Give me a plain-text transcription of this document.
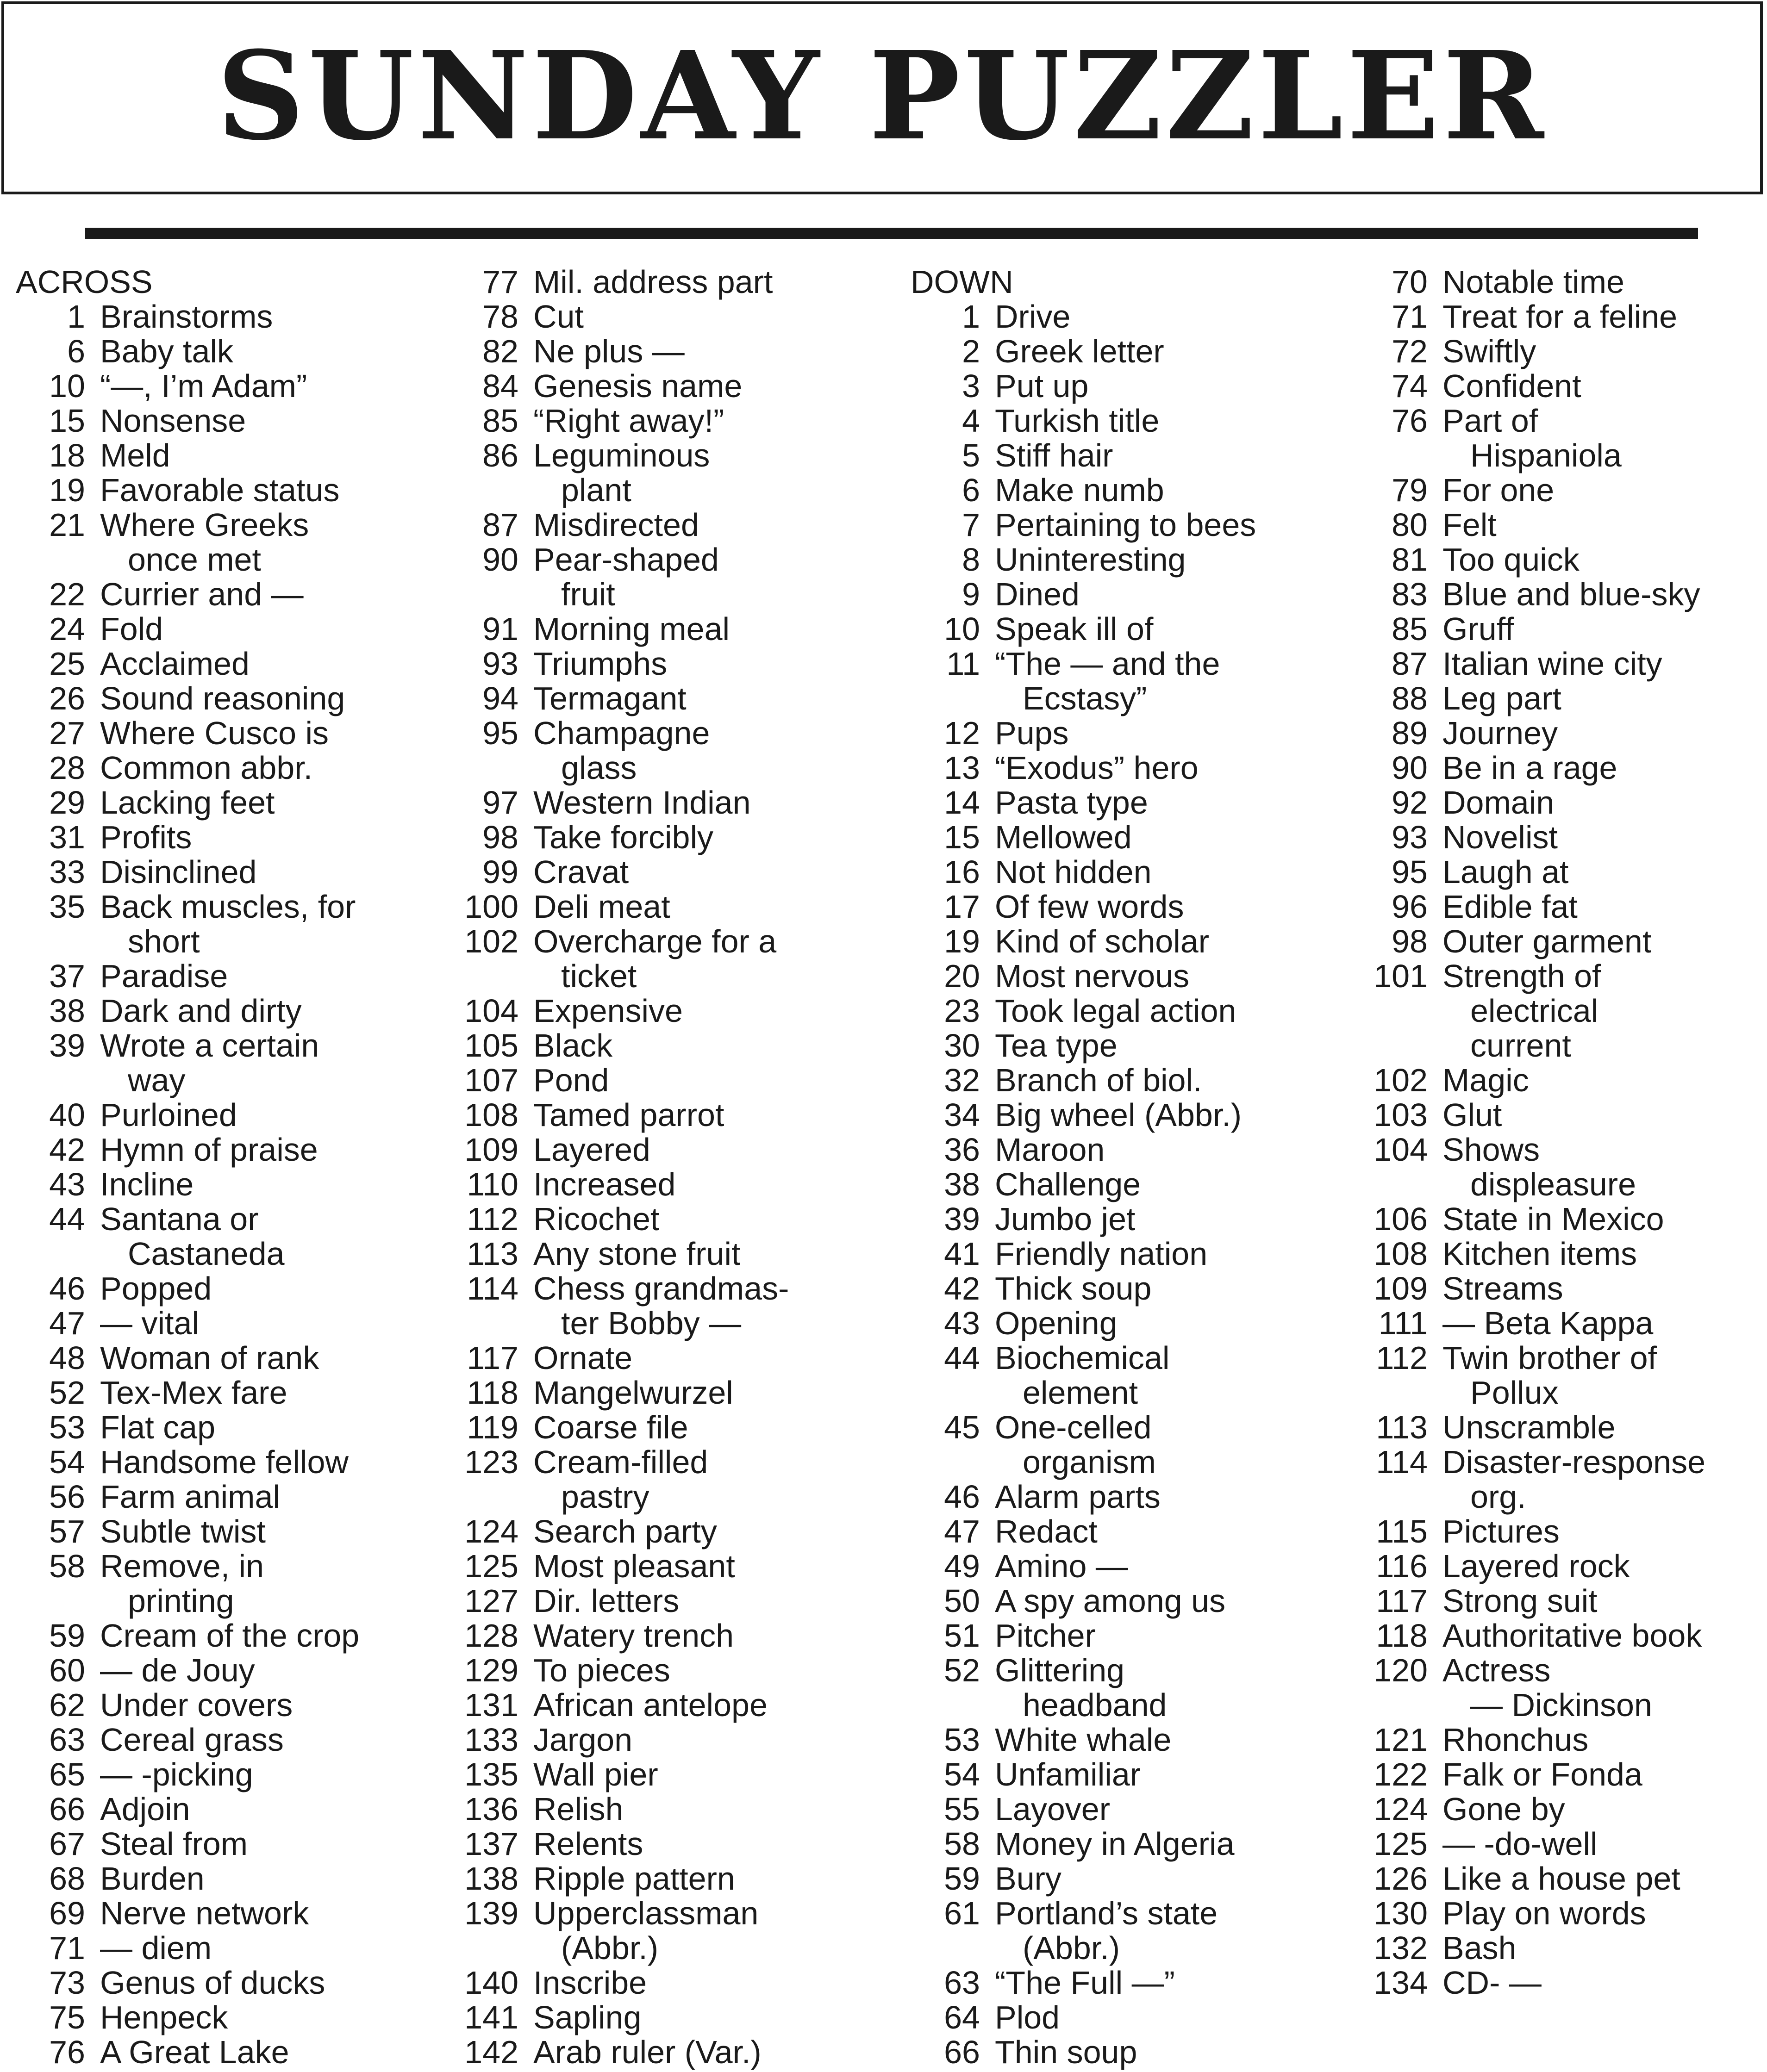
SUNDAY PUZZLER
ACROSS
1 Brainstorms
6 Baby talk
10 “—, I’m Adam”
15 Nonsense
18 Meld
19 Favorable status
21 Where Greeks
once met
22 Currier and —
24 Fold
25 Acclaimed
26 Sound reasoning
27 Where Cusco is
28 Common abbr.
29 Lacking feet
31 Profits
33 Disinclined
35 Back muscles, for
short
37 Paradise
38 Dark and dirty
39 Wrote a certain
way
40 Purloined
42 Hymn of praise
43 Incline
44 Santana or
Castaneda
46 Popped
47 — vital
48 Woman of rank
52 Tex-Mex fare
53 Flat cap
54 Handsome fellow
56 Farm animal
57 Subtle twist
58 Remove, in
printing
59 Cream of the crop
60 — de Jouy
62 Under covers
63 Cereal grass
65 — -picking
66 Adjoin
67 Steal from
68 Burden
69 Nerve network
71 — diem
73 Genus of ducks
75 Henpeck
76 A Great Lake
77 Mil. address part
78 Cut
82 Ne plus —
84 Genesis name
85 “Right away!”
86 Leguminous
plant
87 Misdirected
90 Pear-shaped
fruit
91 Morning meal
93 Triumphs
94 Termagant
95 Champagne
glass
97 Western Indian
98 Take forcibly
99 Cravat
100 Deli meat
102 Overcharge for a
ticket
104 Expensive
105 Black
107 Pond
108 Tamed parrot
109 Layered
110 Increased
112 Ricochet
113 Any stone fruit
114 Chess grandmas-
ter Bobby —
117 Ornate
118 Mangelwurzel
119 Coarse file
123 Cream-filled
pastry
124 Search party
125 Most pleasant
127 Dir. letters
128 Watery trench
129 To pieces
131 African antelope
133 Jargon
135 Wall pier
136 Relish
137 Relents
138 Ripple pattern
139 Upperclassman
(Abbr.)
140 Inscribe
141 Sapling
142 Arab ruler (Var.)
DOWN
1 Drive
2 Greek letter
3 Put up
4 Turkish title
5 Stiff hair
6 Make numb
7 Pertaining to bees
8 Uninteresting
9 Dined
10 Speak ill of
11 “The — and the
Ecstasy”
12 Pups
13 “Exodus” hero
14 Pasta type
15 Mellowed
16 Not hidden
17 Of few words
19 Kind of scholar
20 Most nervous
23 Took legal action
30 Tea type
32 Branch of biol.
34 Big wheel (Abbr.)
36 Maroon
38 Challenge
39 Jumbo jet
41 Friendly nation
42 Thick soup
43 Opening
44 Biochemical
element
45 One-celled
organism
46 Alarm parts
47 Redact
49 Amino —
50 A spy among us
51 Pitcher
52 Glittering
headband
53 White whale
54 Unfamiliar
55 Layover
58 Money in Algeria
59 Bury
61 Portland’s state
(Abbr.)
63 “The Full —”
64 Plod
66 Thin soup
70 Notable time
71 Treat for a feline
72 Swiftly
74 Confident
76 Part of
Hispaniola
79 For one
80 Felt
81 Too quick
83 Blue and blue-sky
85 Gruff
87 Italian wine city
88 Leg part
89 Journey
90 Be in a rage
92 Domain
93 Novelist
95 Laugh at
96 Edible fat
98 Outer garment
101 Strength of
electrical
current
102 Magic
103 Glut
104 Shows
displeasure
106 State in Mexico
108 Kitchen items
109 Streams
111 — Beta Kappa
112 Twin brother of
Pollux
113 Unscramble
114 Disaster-response
org.
115 Pictures
116 Layered rock
117 Strong suit
118 Authoritative book
120 Actress
— Dickinson
121 Rhonchus
122 Falk or Fonda
124 Gone by
125 — -do-well
126 Like a house pet
130 Play on words
132 Bash
134 CD- —
